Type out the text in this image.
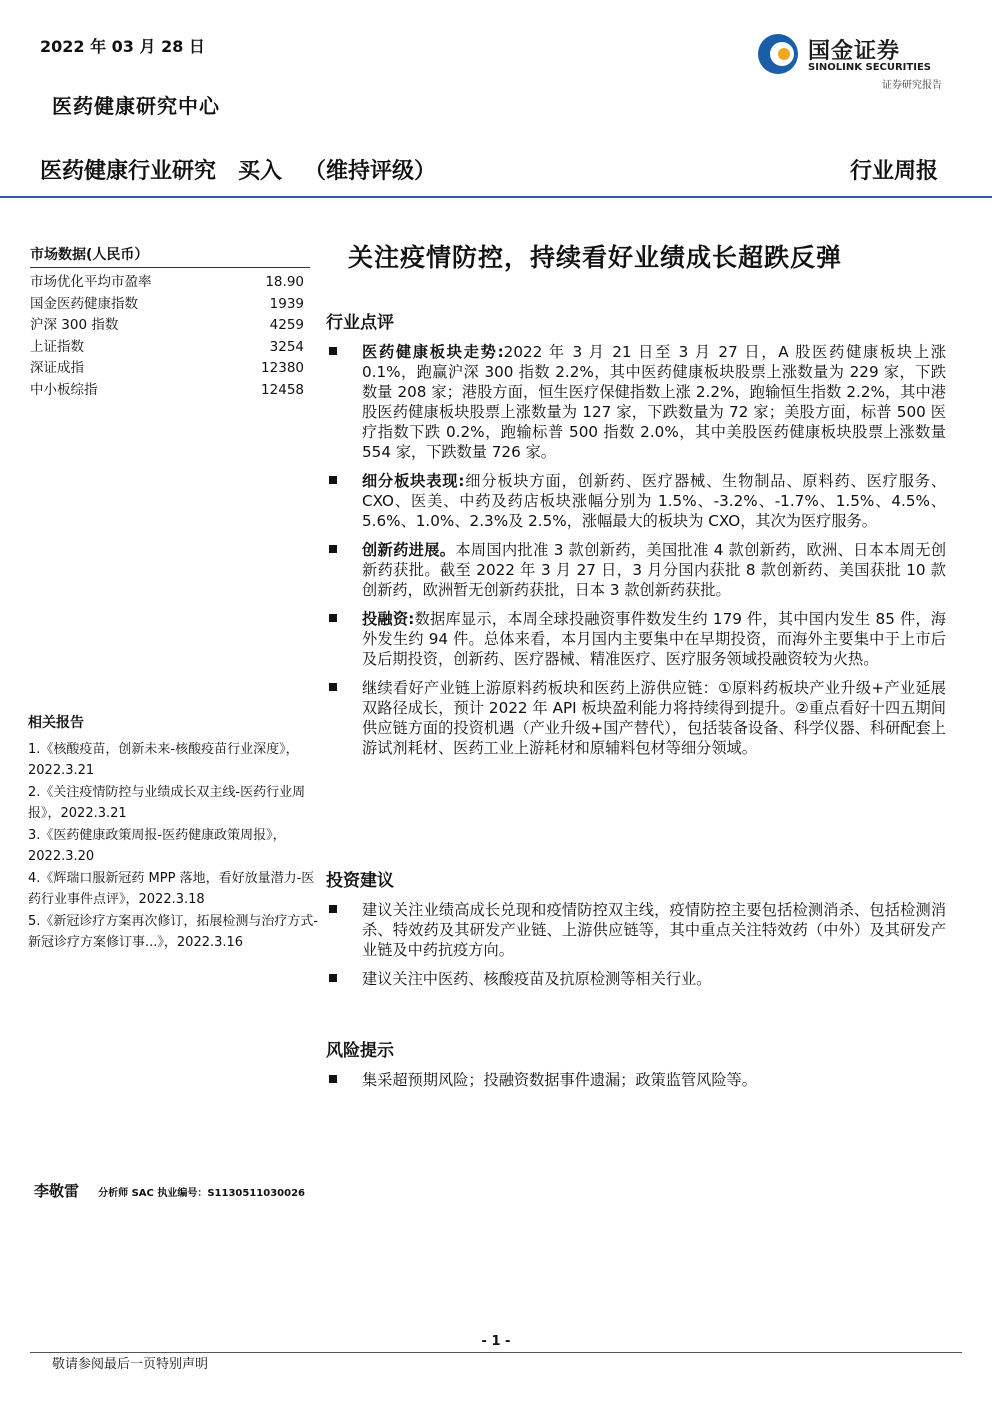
2022 年 03 月 28 日	国金证券
SINOLINK SECURITIES
证券研究报告
医药健康研究中心
医药健康行业研究 买入 （维持评级）	行业周报
市场数据(人民币）
市场优化平均市盈率	18.90
国金医药健康指数	1939
沪深 300 指数	4259
上证指数	3254
深证成指	12380
中小板综指	12458
相关报告
1.《核酸疫苗，创新未来-核酸疫苗行业深度》，2022.3.21
2.《关注疫情防控与业绩成长双主线-医药行业周报》，2022.3.21
3.《医药健康政策周报-医药健康政策周报》，2022.3.20
4.《辉瑞口服新冠药 MPP 落地，看好放量潜力-医药行业事件点评》，2022.3.18
5.《新冠诊疗方案再次修订，拓展检测与治疗方式-新冠诊疗方案修订事...》，2022.3.16
关注疫情防控，持续看好业绩成长超跌反弹
行业点评
医药健康板块走势:2022 年 3 月 21 日至 3 月 27 日，A 股医药健康板块上涨 0.1%，跑赢沪深 300 指数 2.2%，其中医药健康板块股票上涨数量为 229 家，下跌数量 208 家；港股方面，恒生医疗保健指数上涨 2.2%，跑输恒生指数 2.2%，其中港股医药健康板块股票上涨数量为 127 家，下跌数量为 72 家；美股方面，标普 500 医疗指数下跌 0.2%，跑输标普 500 指数 2.0%，其中美股医药健康板块股票上涨数量 554 家，下跌数量 726 家。
细分板块表现:细分板块方面，创新药、医疗器械、生物制品、原料药、医疗服务、CXO、医美、中药及药店板块涨幅分别为 1.5%、-3.2%、-1.7%、1.5%、4.5%、5.6%、1.0%、2.3%及 2.5%，涨幅最大的板块为 CXO，其次为医疗服务。
创新药进展。本周国内批准 3 款创新药，美国批准 4 款创新药，欧洲、日本本周无创新药获批。截至 2022 年 3 月 27 日，3 月分国内获批 8 款创新药、美国获批 10 款创新药，欧洲暂无创新药获批，日本 3 款创新药获批。
投融资:数据库显示，本周全球投融资事件数发生约 179 件，其中国内发生 85 件，海外发生约 94 件。总体来看，本月国内主要集中在早期投资，而海外主要集中于上市后及后期投资，创新药、医疗器械、精准医疗、医疗服务领域投融资较为火热。
继续看好产业链上游原料药板块和医药上游供应链：①原料药板块产业升级+产业延展双路径成长，预计 2022 年 API 板块盈利能力将持续得到提升。②重点看好十四五期间供应链方面的投资机遇（产业升级+国产替代），包括装备设备、科学仪器、科研配套上游试剂耗材、医药工业上游耗材和原辅料包材等细分领域。
投资建议
建议关注业绩高成长兑现和疫情防控双主线，疫情防控主要包括检测消杀、包括检测消杀、特效药及其研发产业链、上游供应链等，其中重点关注特效药（中外）及其研发产业链及中药抗疫方向。
建议关注中医药、核酸疫苗及抗原检测等相关行业。
风险提示
集采超预期风险；投融资数据事件遗漏；政策监管风险等。
李敬雷 分析师 SAC 执业编号：S1130511030026
- 1 -
敬请参阅最后一页特别声明
